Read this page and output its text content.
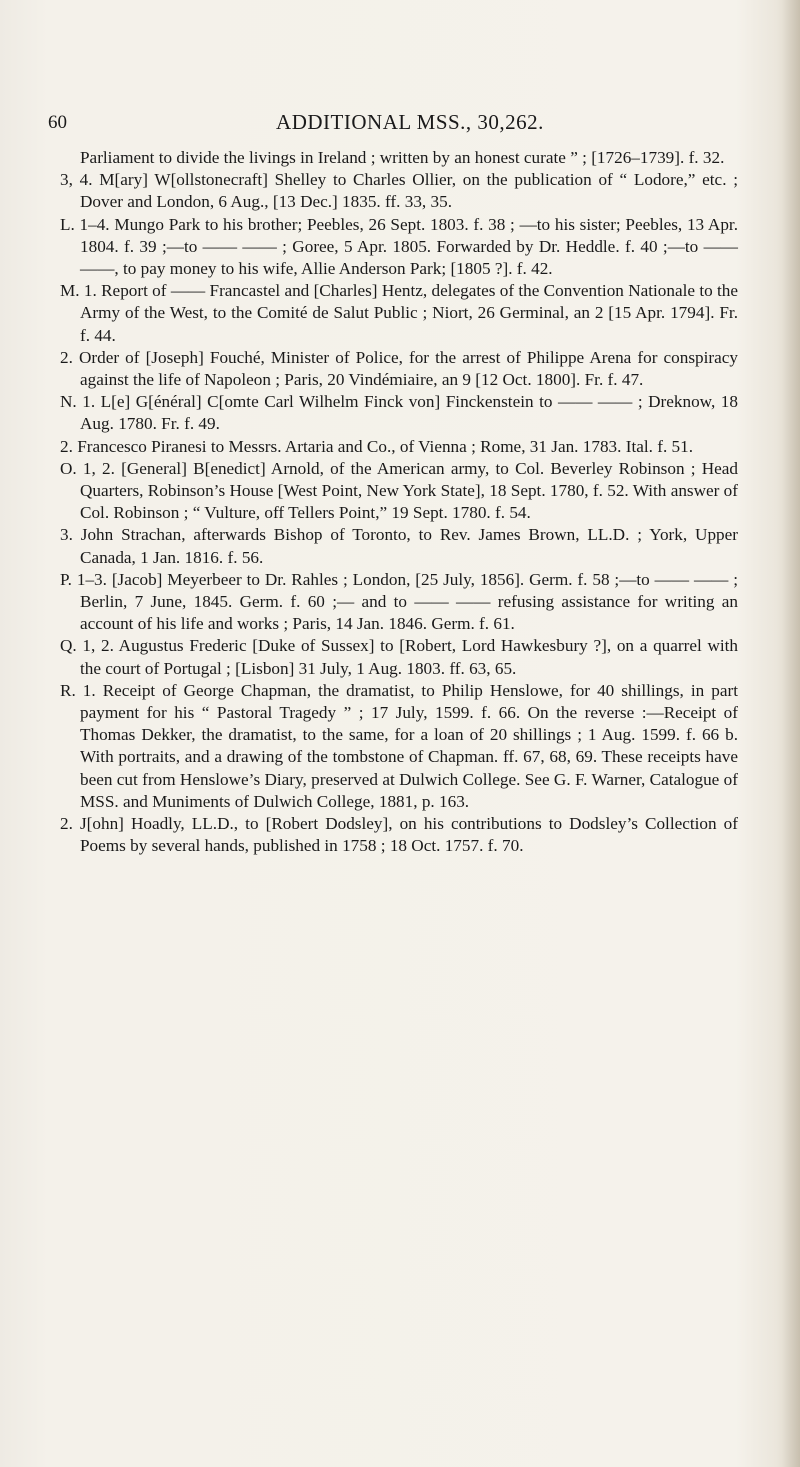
60	ADDITIONAL MSS., 30,262.

Parliament to divide the livings in Ireland ; written by an honest curate ” ; [1726–1739]. f. 32.

3, 4. M[ary] W[ollstonecraft] Shelley to Charles Ollier, on the publication of “ Lodore,” etc. ; Dover and London, 6 Aug., [13 Dec.] 1835. ff. 33, 35.

L. 1–4. Mungo Park to his brother; Peebles, 26 Sept. 1803. f. 38 ; —to his sister; Peebles, 13 Apr. 1804. f. 39 ;—to —— —— ; Goree, 5 Apr. 1805. Forwarded by Dr. Heddle. f. 40 ;—to —— ——, to pay money to his wife, Allie Anderson Park; [1805 ?]. f. 42.

M. 1. Report of —— Francastel and [Charles] Hentz, delegates of the Convention Nationale to the Army of the West, to the Comité de Salut Public ; Niort, 26 Germinal, an 2 [15 Apr. 1794]. Fr. f. 44.

2. Order of [Joseph] Fouché, Minister of Police, for the arrest of Philippe Arena for conspiracy against the life of Napoleon ; Paris, 20 Vindémiaire, an 9 [12 Oct. 1800]. Fr. f. 47.

N. 1. L[e] G[énéral] C[omte Carl Wilhelm Finck von] Finckenstein to —— —— ; Dreknow, 18 Aug. 1780. Fr. f. 49.

2. Francesco Piranesi to Messrs. Artaria and Co., of Vienna ; Rome, 31 Jan. 1783. Ital. f. 51.

O. 1, 2. [General] B[enedict] Arnold, of the American army, to Col. Beverley Robinson ; Head Quarters, Robinson’s House [West Point, New York State], 18 Sept. 1780, f. 52. With answer of Col. Robinson ; “ Vulture, off Tellers Point,” 19 Sept. 1780. f. 54.

3. John Strachan, afterwards Bishop of Toronto, to Rev. James Brown, LL.D. ; York, Upper Canada, 1 Jan. 1816. f. 56.

P. 1–3. [Jacob] Meyerbeer to Dr. Rahles ; London, [25 July, 1856]. Germ. f. 58 ;—to —— —— ; Berlin, 7 June, 1845. Germ. f. 60 ;— and to —— —— refusing assistance for writing an account of his life and works ; Paris, 14 Jan. 1846. Germ. f. 61.

Q. 1, 2. Augustus Frederic [Duke of Sussex] to [Robert, Lord Hawkesbury ?], on a quarrel with the court of Portugal ; [Lisbon] 31 July, 1 Aug. 1803. ff. 63, 65.

R. 1. Receipt of George Chapman, the dramatist, to Philip Henslowe, for 40 shillings, in part payment for his “ Pastoral Tragedy ” ; 17 July, 1599. f. 66. On the reverse :—Receipt of Thomas Dekker, the dramatist, to the same, for a loan of 20 shillings ; 1 Aug. 1599. f. 66 b. With portraits, and a drawing of the tombstone of Chapman. ff. 67, 68, 69. These receipts have been cut from Henslowe’s Diary, preserved at Dulwich College. See G. F. Warner, Catalogue of MSS. and Muniments of Dulwich College, 1881, p. 163.

2. J[ohn] Hoadly, LL.D., to [Robert Dodsley], on his contributions to Dodsley’s Collection of Poems by several hands, published in 1758 ; 18 Oct. 1757. f. 70.
